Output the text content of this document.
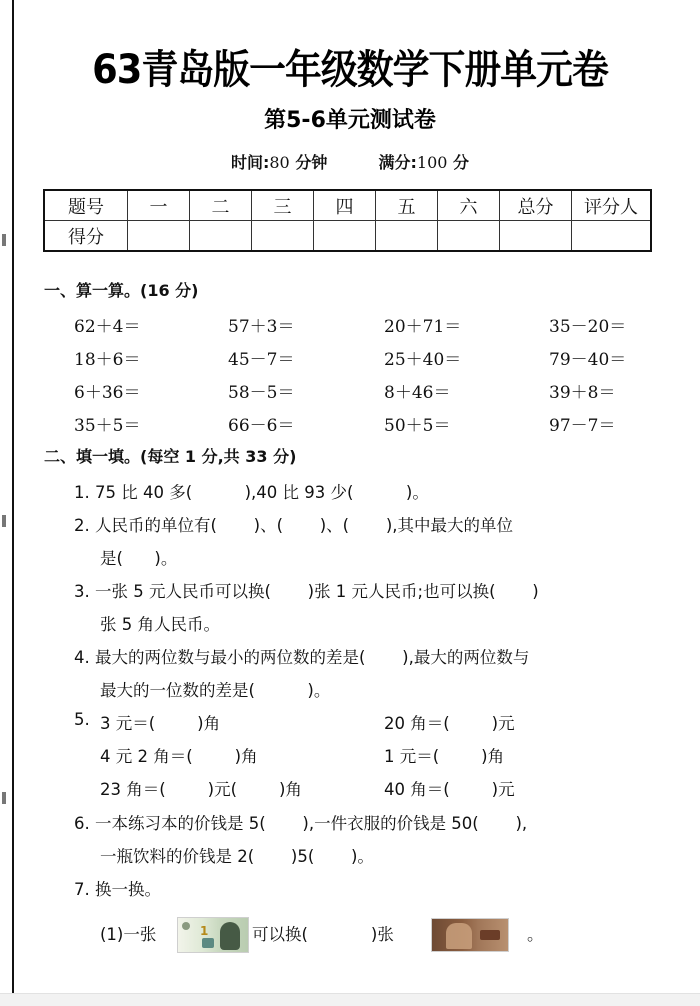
63青岛版一年级数学下册单元卷
第5-6单元测试卷
时间:80 分钟	满分:100 分
题号	一	二	三	四	五	六	总分	评分人
得分								
一、算一算。(16 分)
62＋4＝	57＋3＝	20＋71＝	35－20＝
18＋6＝	45－7＝	25＋40＝	79－40＝
6＋36＝	58－5＝	8＋46＝	39＋8＝
35＋5＝	66－6＝	50＋5＝	97－7＝
二、填一填。(每空 1 分,共 33 分)
1. 75 比 40 多(          ),40 比 93 少(          )。
2. 人民币的单位有(       )、(       )、(       ),其中最大的单位
是(      )。
3. 一张 5 元人民币可以换(       )张 1 元人民币;也可以换(       )
张 5 角人民币。
4. 最大的两位数与最小的两位数的差是(       ),最大的两位数与
最大的一位数的差是(          )。
5. 3 元＝(        )角	20 角＝(        )元
4 元 2 角＝(        )角	1 元＝(        )角
23 角＝(        )元(        )角	40 角＝(        )元
6. 一本练习本的价钱是 5(       ),一件衣服的价钱是 50(       ),
一瓶饮料的价钱是 2(       )5(       )。
7. 换一换。
(1)一张	1	可以换(            )张	。
